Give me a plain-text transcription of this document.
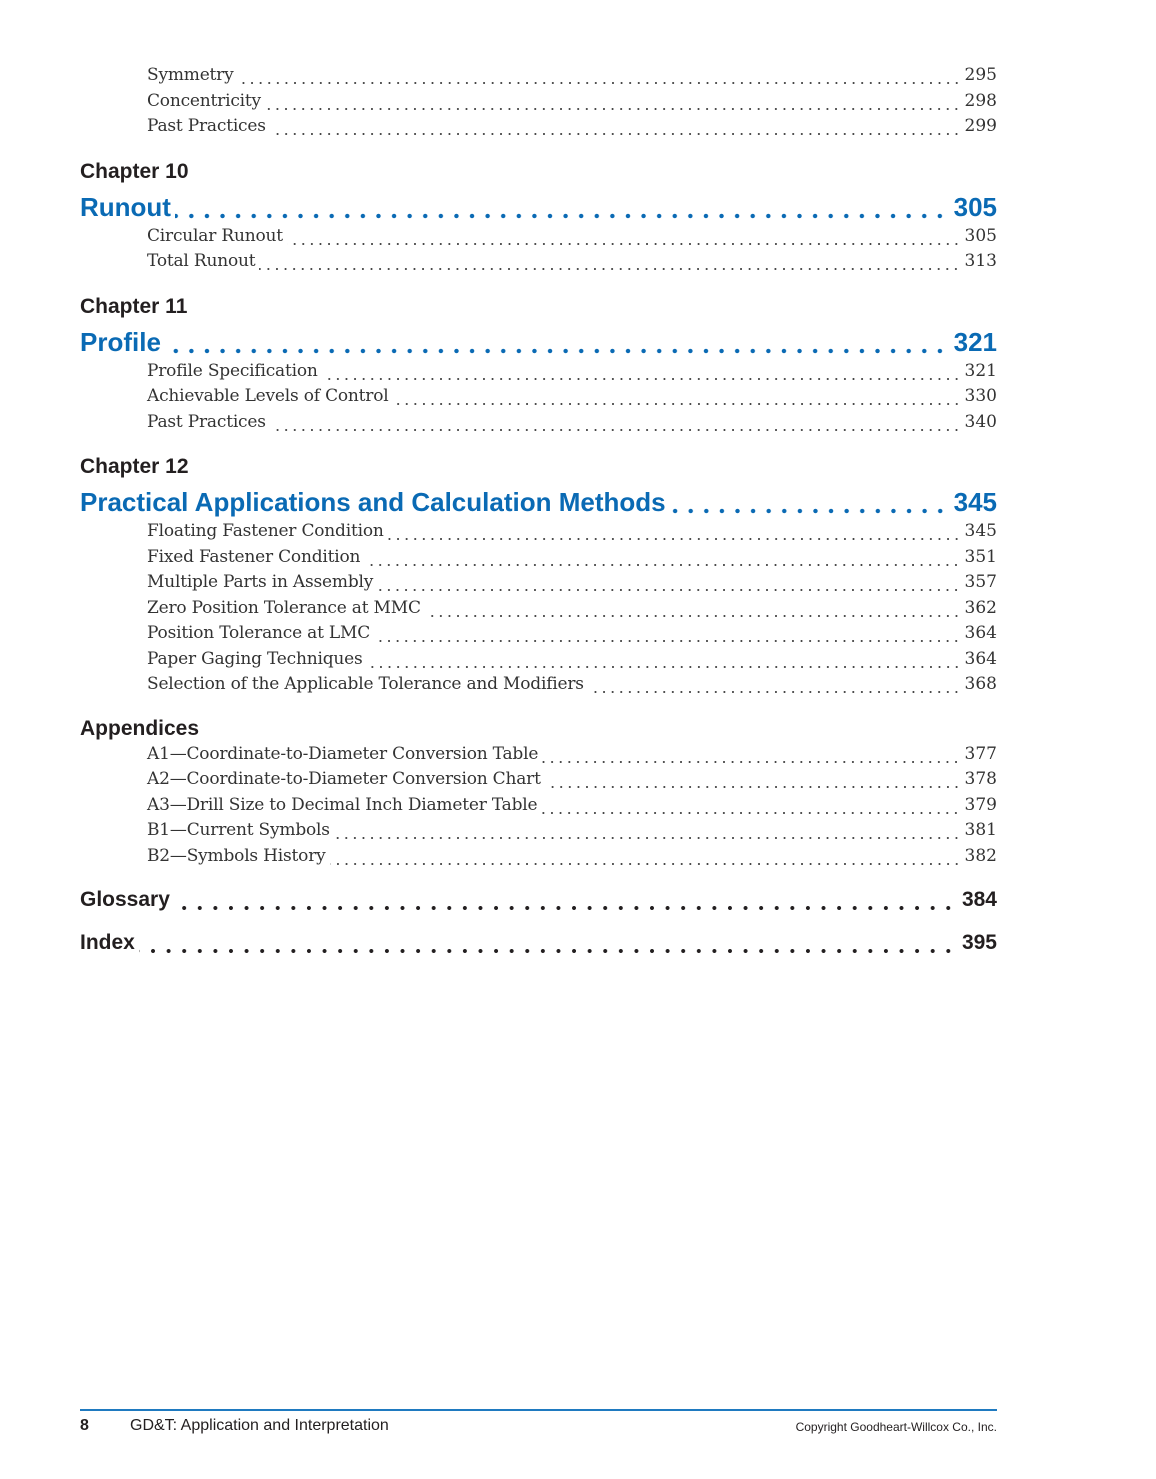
Symmetry	295
Concentricity	298
Past Practices	299
Chapter 10
Runout	305
Circular Runout	305
Total Runout	313
Chapter 11
Profile	321
Profile Specification	321
Achievable Levels of Control	330
Past Practices	340
Chapter 12
Practical Applications and Calculation Methods	345
Floating Fastener Condition	345
Fixed Fastener Condition	351
Multiple Parts in Assembly	357
Zero Position Tolerance at MMC	362
Position Tolerance at LMC	364
Paper Gaging Techniques	364
Selection of the Applicable Tolerance and Modifiers	368
Appendices
A1—Coordinate-to-Diameter Conversion Table	377
A2—Coordinate-to-Diameter Conversion Chart	378
A3—Drill Size to Decimal Inch Diameter Table	379
B1—Current Symbols	381
B2—Symbols History	382
Glossary	384
Index	395
8	GD&T: Application and Interpretation	Copyright Goodheart-Willcox Co., Inc.
